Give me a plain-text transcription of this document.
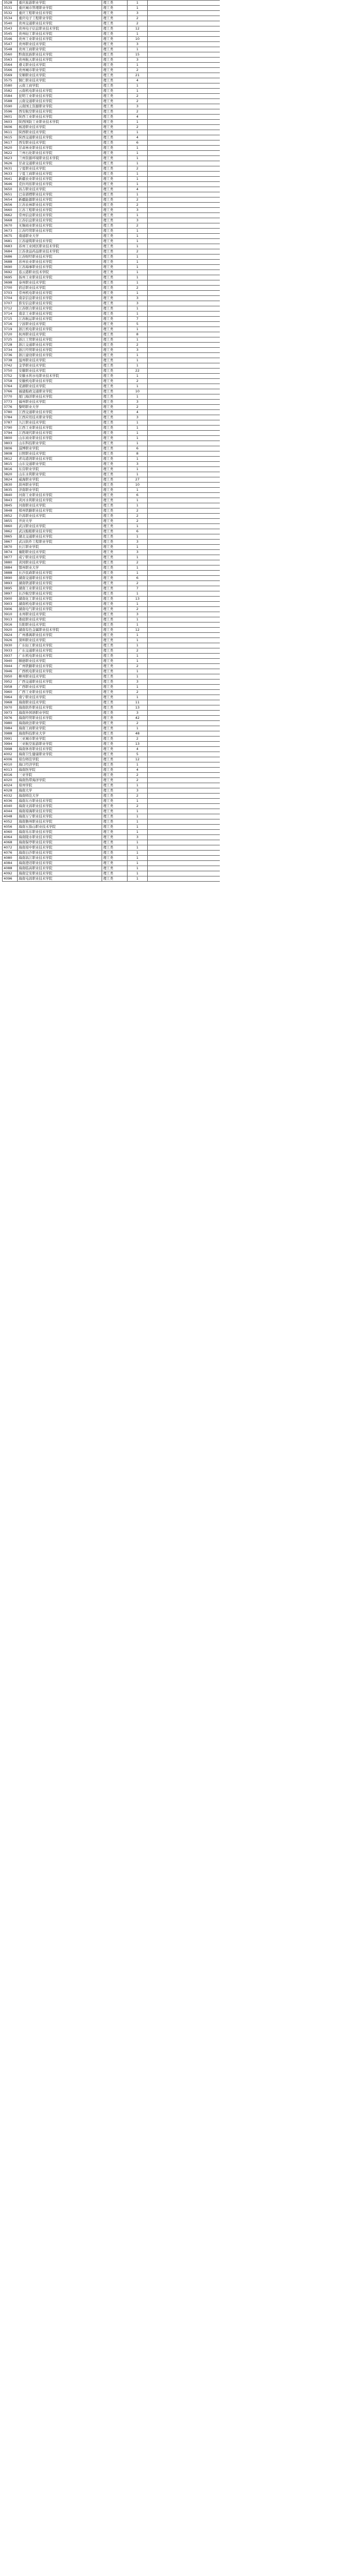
3528	重庆旅游职业学院	理工类	1	
3531	重庆城市管理职业学院	理工类	1	
3532	重庆工程职业技术学院	理工类	3	
3534	重庆电子工程职业学院	理工类	2	
3540	贵州交通职业技术学院	理工类	2	
3543	贵州电子信息职业技术学院	理工类	12	
3545	贵州轻工职业技术学院	理工类	1	
3546	贵州工业职业技术学院	理工类	10	
3547	贵州职业技术学院	理工类	3	
3548	贵州工商职业学院	理工类	1	
3560	黔南民族职业技术学院	理工类	15	
3563	贵州航天职业技术学院	理工类	3	
3564	遵义职业技术学院	理工类	1	
3566	贵州城市职业学院	理工类	2	
3569	安顺职业技术学院	理工类	21	
3575	铜仁职业技术学院	理工类	4	
3580	云南工商学院	理工类	1	
3582	云南机电职业技术学院	理工类	1	
3584	昆明工业职业技术学院	理工类	2	
3588	云南交通职业技术学院	理工类	2	
3590	云南国土资源职业学院	理工类	3	
3596	西安航空职业技术学院	理工类	2	
3601	陕西工业职业技术学院	理工类	4	
3603	陕西国防工业职业技术学院	理工类	1	
3606	杨凌职业技术学院	理工类	2	
3611	陕西职业技术学院	理工类	1	
3615	陕西交通职业技术学院	理工类	4	
3617	西安职业技术学院	理工类	6	
3620	甘肃林业职业技术学院	理工类	1	
3622	兰州石化职业技术学院	理工类	1	
3623	兰州资源环境职业技术学院	理工类	1	
3626	甘肃交通职业技术学院	理工类	1	
3631	宁夏职业技术学院	理工类	2	
3633	宁夏工商职业技术学院	理工类	1	
3641	新疆农业职业技术学院	理工类	1	
3646	克拉玛依职业技术学院	理工类	1	
3650	昌吉职业技术学院	理工类	4	
3651	巴音郭楞职业技术学院	理工类	1	
3654	新疆能源职业技术学院	理工类	2	
3656	江苏农林职业技术学院	理工类	2	
3660	江苏工程职业技术学院	理工类	3	
3662	常州信息职业技术学院	理工类	1	
3668	江苏信息职业技术学院	理工类	3	
3670	无锡商业职业技术学院	理工类	2	
3673	江苏经贸职业技术学院	理工类	1	
3675	南通职业大学	理工类	1	
3681	江苏建筑职业技术学院	理工类	1	
3683	苏州工业园区职业技术学院	理工类	1	
3684	江苏食品药品职业技术学院	理工类	2	
3686	江苏财经职业技术学院	理工类	1	
3688	苏州农业职业技术学院	理工类	1	
3690	江苏海事职业技术学院	理工类	1	
3692	连云港职业技术学院	理工类	1	
3695	扬州工业职业技术学院	理工类	1	
3698	泰州职业技术学院	理工类	1	
3700	宿迁职业技术学院	理工类	2	
3703	常州机电职业技术学院	理工类	1	
3704	南京信息职业技术学院	理工类	3	
3707	淮安信息职业技术学院	理工类	3	
3712	江苏联合职业技术学院	理工类	1	
3714	南京工业职业技术学院	理工类	1	
3715	江苏航运职业技术学院	理工类	7	
3716	宁波职业技术学院	理工类	5	
3719	浙江机电职业技术学院	理工类	1	
3720	杭州职业技术学院	理工类	8	
3725	浙江工贸职业技术学院	理工类	1	
3728	浙江交通职业技术学院	理工类	2	
3734	浙江经贸职业技术学院	理工类	3	
3736	浙江建设职业技术学院	理工类	1	
3738	温州职业技术学院	理工类	1	
3742	金华职业技术学院	理工类	1	
3750	安徽职业技术学院	理工类	22	
3752	安徽水利水电职业技术学院	理工类	1	
3758	安徽机电职业技术学院	理工类	2	
3764	芜湖职业技术学院	理工类	1	
3766	福建船政交通职业学院	理工类	10	
3770	厦门海洋职业技术学院	理工类	1	
3773	福州职业技术学院	理工类	3	
3776	黎明职业大学	理工类	2	
3780	江西交通职业技术学院	理工类	4	
3784	江西应用技术职业学院	理工类	3	
3787	九江职业技术学院	理工类	1	
3790	江西工业职业技术学院	理工类	1	
3794	江西现代职业技术学院	理工类	1	
3800	山东商业职业技术学院	理工类	1	
3803	山东科技职业学院	理工类	1	
3806	淄博职业学院	理工类	6	
3808	日照职业技术学院	理工类	8	
3812	青岛港湾职业技术学院	理工类	1	
3815	山东交通职业学院	理工类	3	
3816	东营职业学院	理工类	1	
3820	山东水利职业学院	理工类	1	
3824	威海职业学院	理工类	27	
3830	滨州职业学院	理工类	10	
3835	济南职业学院	理工类	1	
3840	河南工业职业技术学院	理工类	6	
3843	黄河水利职业技术学院	理工类	1	
3845	河南职业技术学院	理工类	1	
3848	郑州铁路职业技术学院	理工类	2	
3852	许昌职业技术学院	理工类	2	
3855	开封大学	理工类	2	
3860	武汉职业技术学院	理工类	1	
3862	武汉船舶职业技术学院	理工类	6	
3865	湖北交通职业技术学院	理工类	1	
3867	武汉软件工程职业学院	理工类	3	
3870	长江职业学院	理工类	1	
3874	襄阳职业技术学院	理工类	3	
3877	咸宁职业技术学院	理工类	1	
3880	黄冈职业技术学院	理工类	2	
3884	鄂州职业大学	理工类	1	
3888	长沙民政职业技术学院	理工类	1	
3890	湖南交通职业技术学院	理工类	6	
3893	湖南铁道职业技术学院	理工类	2	
3895	湖南工业职业技术学院	理工类	7	
3897	长沙航空职业技术学院	理工类	1	
3900	湖南化工职业技术学院	理工类	13	
3903	湖南机电职业技术学院	理工类	1	
3906	湖南电气职业技术学院	理工类	2	
3910	永州职业技术学院	理工类	3	
3913	娄底职业技术学院	理工类	1	
3916	岳阳职业技术学院	理工类	1	
3920	湖南有色金属职业技术学院	理工类	12	
3924	广州番禺职业技术学院	理工类	1	
3926	深圳职业技术学院	理工类	1	
3930	广东轻工职业技术学院	理工类	1	
3933	广东交通职业技术学院	理工类	2	
3937	广东机电职业技术学院	理工类	1	
3940	顺德职业技术学院	理工类	1	
3944	广州铁路职业技术学院	理工类	2	
3946	广西机电职业技术学院	理工类	1	
3950	柳州职业技术学院	理工类	1	
3952	广西交通职业技术学院	理工类	3	
3958	广西职业技术学院	理工类	1	
3960	广西工业职业技术学院	理工类	2	
3964	南宁职业技术学院	理工类	1	
3968	海南职业技术学院	理工类	11	
3970	海南软件职业技术学院	理工类	13	
3973	海南外国语职业学院	理工类	3	
3976	海南经贸职业技术学院	理工类	42	
3980	海南政法职业学院	理工类	2	
3984	海南工商职业学院	理工类	1	
3988	海南科技职业大学	理工类	48	
3991	三亚城市职业学院	理工类	2	
3994	三亚航空旅游职业学院	理工类	13	
3998	海南体育职业技术学院	理工类	4	
4002	海南卫生健康职业学院	理工类	5	
4006	琼台师范学院	理工类	12	
4010	海口经济学院	理工类	1	
4013	海南医学院	理工类	4	
4016	三亚学院	理工类	2	
4020	海南热带海洋学院	理工类	2	
4024	琼州学院	理工类	1	
4028	海南大学	理工类	3	
4032	海南师范大学	理工类	2	
4036	海南东方职业技术学院	理工类	1	
4040	海南文昌职业技术学院	理工类	2	
4044	海南琼海职业技术学院	理工类	1	
4048	海南万宁职业技术学院	理工类	1	
4052	海南儋州职业技术学院	理工类	1	
4056	海南五指山职业技术学院	理工类	1	
4060	海南乐东职业技术学院	理工类	1	
4064	海南陵水职业技术学院	理工类	3	
4068	海南保亭职业技术学院	理工类	1	
4072	海南琼中职业技术学院	理工类	1	
4076	海南白沙职业技术学院	理工类	1	
4080	海南昌江职业技术学院	理工类	1	
4084	海南澄迈职业技术学院	理工类	1	
4088	海南临高职业技术学院	理工类	1	
4092	海南定安职业技术学院	理工类	1	
4096	海南屯昌职业技术学院	理工类	1	
